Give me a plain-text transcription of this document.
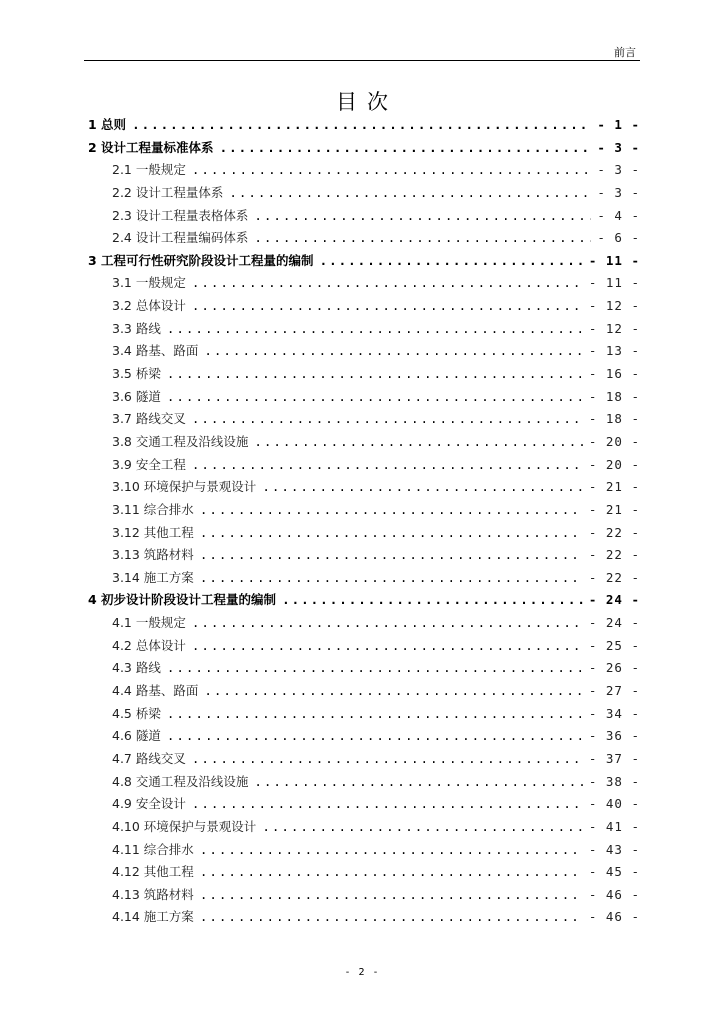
前言
目次
1 总则 .....	- 1 -
2 设计工程量标准体系 .....	- 3 -
2.1 一般规定 .....	- 3 -
2.2 设计工程量体系 .....	- 3 -
2.3 设计工程量表格体系 .....	- 4 -
2.4 设计工程量编码体系 .....	- 6 -
3 工程可行性研究阶段设计工程量的编制 .....	- 11 -
3.1 一般规定 .....	- 11 -
3.2 总体设计 .....	- 12 -
3.3 路线 .....	- 12 -
3.4 路基、路面 .....	- 13 -
3.5 桥梁 .....	- 16 -
3.6 隧道 .....	- 18 -
3.7 路线交叉 .....	- 18 -
3.8 交通工程及沿线设施 .....	- 20 -
3.9 安全工程 .....	- 20 -
3.10 环境保护与景观设计 .....	- 21 -
3.11 综合排水 .....	- 21 -
3.12 其他工程 .....	- 22 -
3.13 筑路材料 .....	- 22 -
3.14 施工方案 .....	- 22 -
4 初步设计阶段设计工程量的编制 .....	- 24 -
4.1 一般规定 .....	- 24 -
4.2 总体设计 .....	- 25 -
4.3 路线 .....	- 26 -
4.4 路基、路面 .....	- 27 -
4.5 桥梁 .....	- 34 -
4.6 隧道 .....	- 36 -
4.7 路线交叉 .....	- 37 -
4.8 交通工程及沿线设施 .....	- 38 -
4.9 安全设计 .....	- 40 -
4.10 环境保护与景观设计 .....	- 41 -
4.11 综合排水 .....	- 43 -
4.12 其他工程 .....	- 45 -
4.13 筑路材料 .....	- 46 -
4.14 施工方案 .....	- 46 -
- 2 -
